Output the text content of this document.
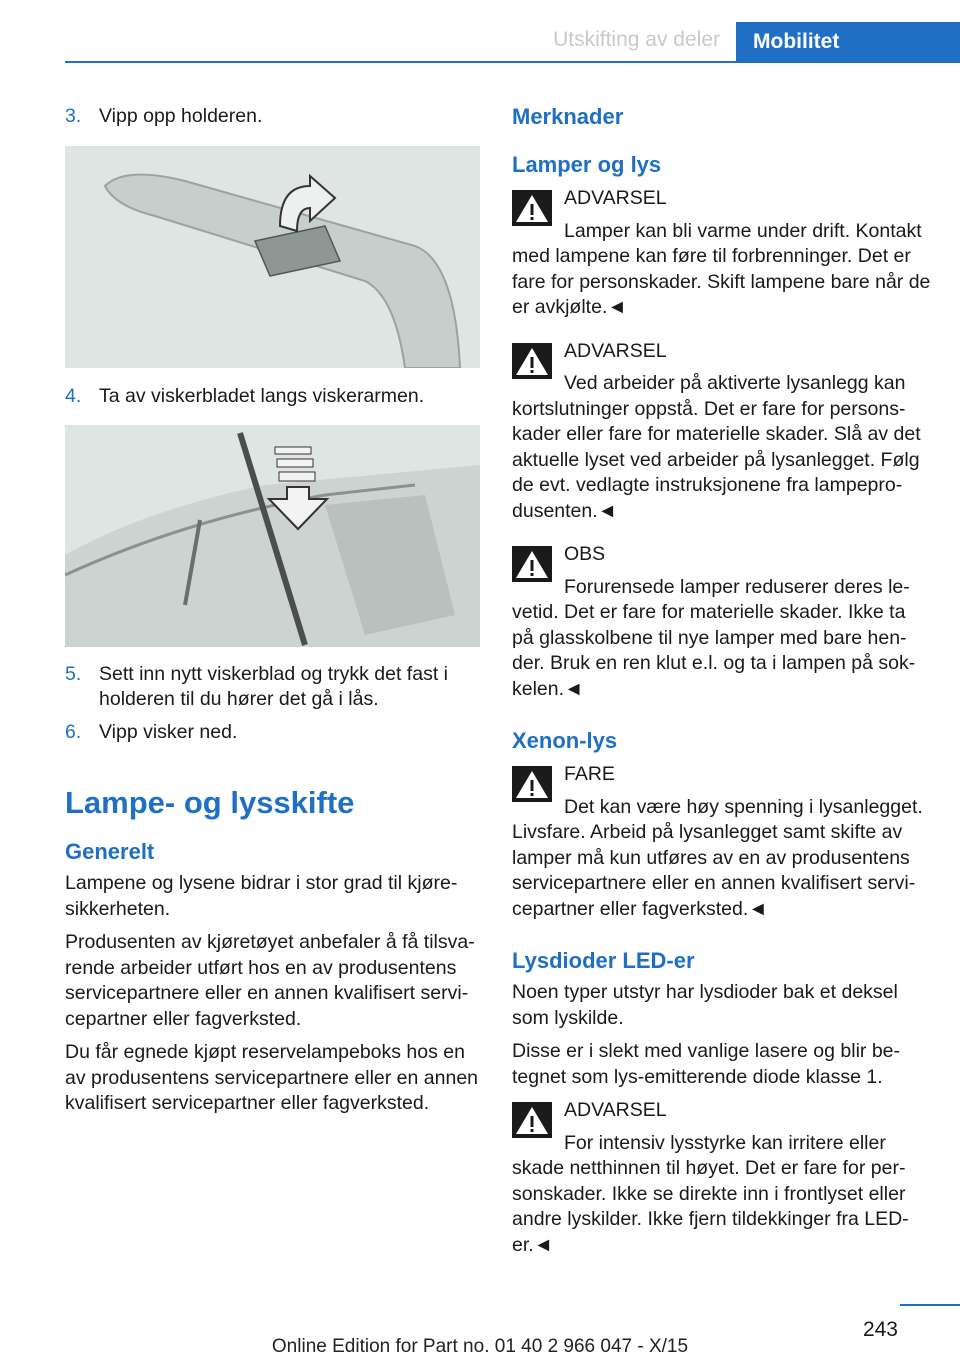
Utskifting av deler	Mobilitet
3. Vipp opp holderen.
4. Ta av viskerbladet langs viskerarmen.
5. Sett inn nytt viskerblad og trykk det fast i holderen til du hører det gå i lås.
6. Vipp visker ned.
Lampe- og lysskifte
Generelt

Lampene og lysene bidrar i stor grad til kjøresikkerheten.

Produsenten av kjøretøyet anbefaler å få tilsvarende arbeider utført hos en av produsentens servicepartnere eller en annen kvalifisert servicepartner eller fagverksted.

Du får egnede kjøpt reservelampeboks hos en av produsentens servicepartnere eller en annen kvalifisert servicepartner eller fagverksted.

Merknader
Lamper og lys
ADVARSEL
Lamper kan bli varme under drift. Kontakt
med lampene kan føre til forbrenninger. Det er fare for personskader. Skift lampene bare når de er avkjølte.◄
ADVARSEL
Ved arbeider på aktiverte lysanlegg kan
kortslutninger oppstå. Det er fare for personskader eller fare for materielle skader. Slå av det aktuelle lyset ved arbeider på lysanlegget. Følg de evt. vedlagte instruksjonene fra lampeprodusenten.◄
OBS
Forurensede lamper reduserer deres le-
vetid. Det er fare for materielle skader. Ikke ta på glasskolbene til nye lamper med bare hender. Bruk en ren klut e.l. og ta i lampen på sokkelen.◄
Xenon-lys
FARE
Det kan være høy spenning i lysanlegget.
Livsfare. Arbeid på lysanlegget samt skifte av lamper må kun utføres av en av produsentens servicepartnere eller en annen kvalifisert servicepartner eller fagverksted.◄
Lysdioder LED-er

Noen typer utstyr har lysdioder bak et deksel som lyskilde.

Disse er i slekt med vanlige lasere og blir betegnet som lys-emitterende diode klasse 1.

ADVARSEL
For intensiv lysstyrke kan irritere eller
skade netthinnen til høyet. Det er fare for personskader. Ikke se direkte inn i frontlyset eller andre lyskilder. Ikke fjern tildekkinger fra LED-er.◄
243
Online Edition for Part no. 01 40 2 966 047 - X/15
